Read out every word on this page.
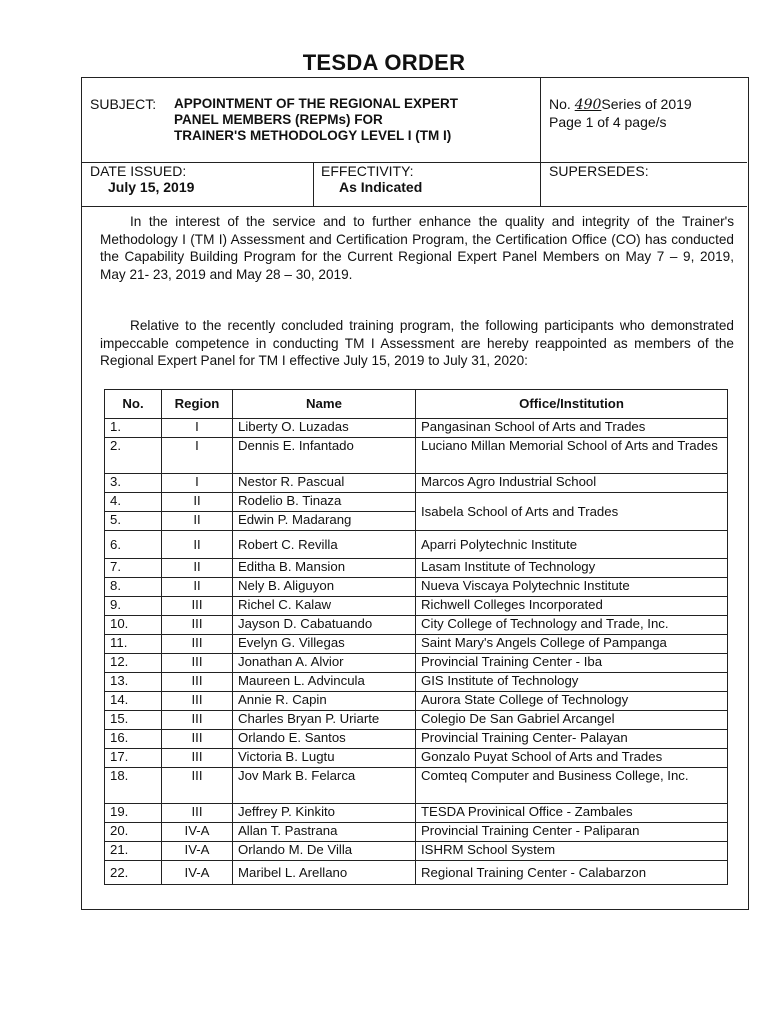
TESDA ORDER
SUBJECT: APPOINTMENT OF THE REGIONAL EXPERT
PANEL MEMBERS (REPMs) FOR
TRAINER'S METHODOLOGY LEVEL I (TM I)
No. 490Series of 2019
Page 1 of 4 page/s
DATE ISSUED:
July 15, 2019
EFFECTIVITY:
As Indicated
SUPERSEDES:

In the interest of the service and to further enhance the quality and integrity of the Trainer's Methodology I (TM I) Assessment and Certification Program, the Certification Office (CO) has conducted the Capability Building Program for the Current Regional Expert Panel Members on May 7 – 9, 2019, May 21- 23, 2019 and May 28 – 30, 2019.

Relative to the recently concluded training program, the following participants who demonstrated impeccable competence in conducting TM I Assessment are hereby reappointed as members of the Regional Expert Panel for TM I effective July 15, 2019 to July 31, 2020:

No.	Region	Name	Office/Institution
1.	I	Liberty O. Luzadas	Pangasinan School of Arts and Trades
2.	I	Dennis E. Infantado	Luciano Millan Memorial School of Arts and Trades
3.	I	Nestor R. Pascual	Marcos Agro Industrial School
4.	II	Rodelio B. Tinaza	Isabela School of Arts and Trades
5.	II	Edwin P. Madarang	
6.	II	Robert C. Revilla	Aparri Polytechnic Institute
7.	II	Editha B. Mansion	Lasam Institute of Technology
8.	II	Nely B. Aliguyon	Nueva Viscaya Polytechnic Institute
9.	III	Richel C. Kalaw	Richwell Colleges Incorporated
10.	III	Jayson D. Cabatuando	City College of Technology and Trade, Inc.
11.	III	Evelyn G. Villegas	Saint Mary's Angels College of Pampanga
12.	III	Jonathan A. Alvior	Provincial Training Center - Iba
13.	III	Maureen L. Advincula	GIS Institute of Technology
14.	III	Annie R. Capin	Aurora State College of Technology
15.	III	Charles Bryan P. Uriarte	Colegio De San Gabriel Arcangel
16.	III	Orlando E. Santos	Provincial Training Center- Palayan
17.	III	Victoria B. Lugtu	Gonzalo Puyat School of Arts and Trades
18.	III	Jov Mark B. Felarca	Comteq Computer and Business College, Inc.
19.	III	Jeffrey P. Kinkito	TESDA Provinical Office - Zambales
20.	IV-A	Allan T. Pastrana	Provincial Training Center - Paliparan
21.	IV-A	Orlando M. De Villa	ISHRM School System
22.	IV-A	Maribel L. Arellano	Regional Training Center - Calabarzon
